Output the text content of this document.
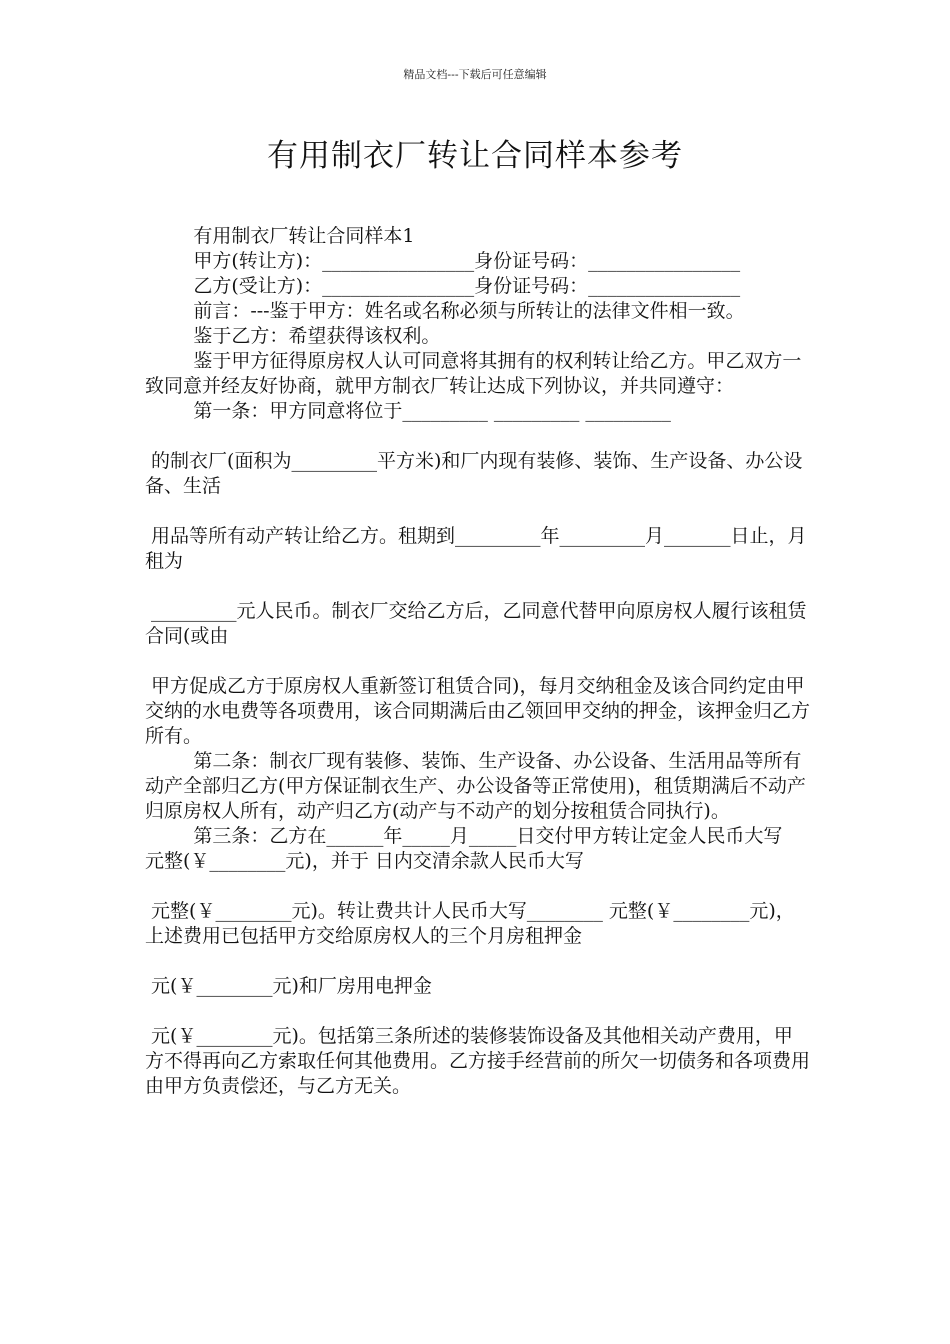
精品文档---下载后可任意编辑
有用制衣厂转让合同样本参考

有用制衣厂转让合同样本1

甲方(转让方)：________________身份证号码：________________

乙方(受让方)：________________身份证号码：________________

前言：---鉴于甲方：姓名或名称必须与所转让的法律文件相一致。

鉴于乙方：希望获得该权利。

鉴于甲方征得原房权人认可同意将其拥有的权利转让给乙方。甲乙双方一致同意并经友好协商，就甲方制衣厂转让达成下列协议，并共同遵守：

第一条：甲方同意将位于_________ _________ _________

的制衣厂(面积为_________平方米)和厂内现有装修、装饰、生产设备、办公设备、生活

用品等所有动产转让给乙方。租期到_________年_________月_______日止，月租为

_________元人民币。制衣厂交给乙方后，乙同意代替甲向原房权人履行该租赁合同(或由

甲方促成乙方于原房权人重新签订租赁合同)，每月交纳租金及该合同约定由甲交纳的水电费等各项费用，该合同期满后由乙领回甲交纳的押金，该押金归乙方所有。

第二条：制衣厂现有装修、装饰、生产设备、办公设备、生活用品等所有动产全部归乙方(甲方保证制衣生产、办公设备等正常使用)，租赁期满后不动产归原房权人所有，动产归乙方(动产与不动产的划分按租赁合同执行)。

第三条：乙方在______年_____月_____日交付甲方转让定金人民币大写  元整(￥________元)，并于 日内交清余款人民币大写

元整(￥________元)。转让费共计人民币大写________ 元整(￥________元)，上述费用已包括甲方交给原房权人的三个月房租押金

元(￥________元)和厂房用电押金

元(￥________元)。包括第三条所述的装修装饰设备及其他相关动产费用，甲方不得再向乙方索取任何其他费用。乙方接手经营前的所欠一切债务和各项费用由甲方负责偿还，与乙方无关。
